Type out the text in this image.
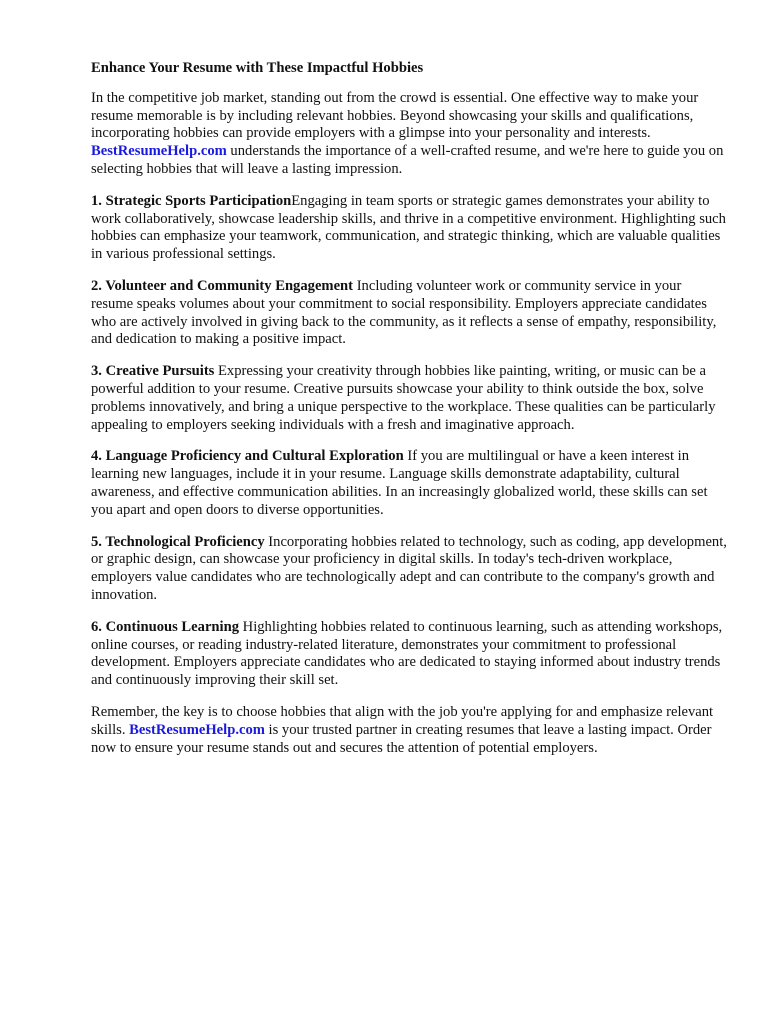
Enhance Your Resume with These Impactful Hobbies

In the competitive job market, standing out from the crowd is essential. One effective way to make your resume memorable is by including relevant hobbies. Beyond showcasing your skills and qualifications, incorporating hobbies can provide employers with a glimpse into your personality and interests. BestResumeHelp.com understands the importance of a well-crafted resume, and we're here to guide you on selecting hobbies that will leave a lasting impression.

1. Strategic Sports ParticipationEngaging in team sports or strategic games demonstrates your ability to work collaboratively, showcase leadership skills, and thrive in a competitive environment. Highlighting such hobbies can emphasize your teamwork, communication, and strategic thinking, which are valuable qualities in various professional settings.

2. Volunteer and Community Engagement Including volunteer work or community service in your resume speaks volumes about your commitment to social responsibility. Employers appreciate candidates who are actively involved in giving back to the community, as it reflects a sense of empathy, responsibility, and dedication to making a positive impact.

3. Creative Pursuits Expressing your creativity through hobbies like painting, writing, or music can be a powerful addition to your resume. Creative pursuits showcase your ability to think outside the box, solve problems innovatively, and bring a unique perspective to the workplace. These qualities can be particularly appealing to employers seeking individuals with a fresh and imaginative approach.

4. Language Proficiency and Cultural Exploration If you are multilingual or have a keen interest in learning new languages, include it in your resume. Language skills demonstrate adaptability, cultural awareness, and effective communication abilities. In an increasingly globalized world, these skills can set you apart and open doors to diverse opportunities.

5. Technological Proficiency Incorporating hobbies related to technology, such as coding, app development, or graphic design, can showcase your proficiency in digital skills. In today's tech-driven workplace, employers value candidates who are technologically adept and can contribute to the company's growth and innovation.

6. Continuous Learning Highlighting hobbies related to continuous learning, such as attending workshops, online courses, or reading industry-related literature, demonstrates your commitment to professional development. Employers appreciate candidates who are dedicated to staying informed about industry trends and continuously improving their skill set.

Remember, the key is to choose hobbies that align with the job you're applying for and emphasize relevant skills. BestResumeHelp.com is your trusted partner in creating resumes that leave a lasting impact. Order now to ensure your resume stands out and secures the attention of potential employers.
